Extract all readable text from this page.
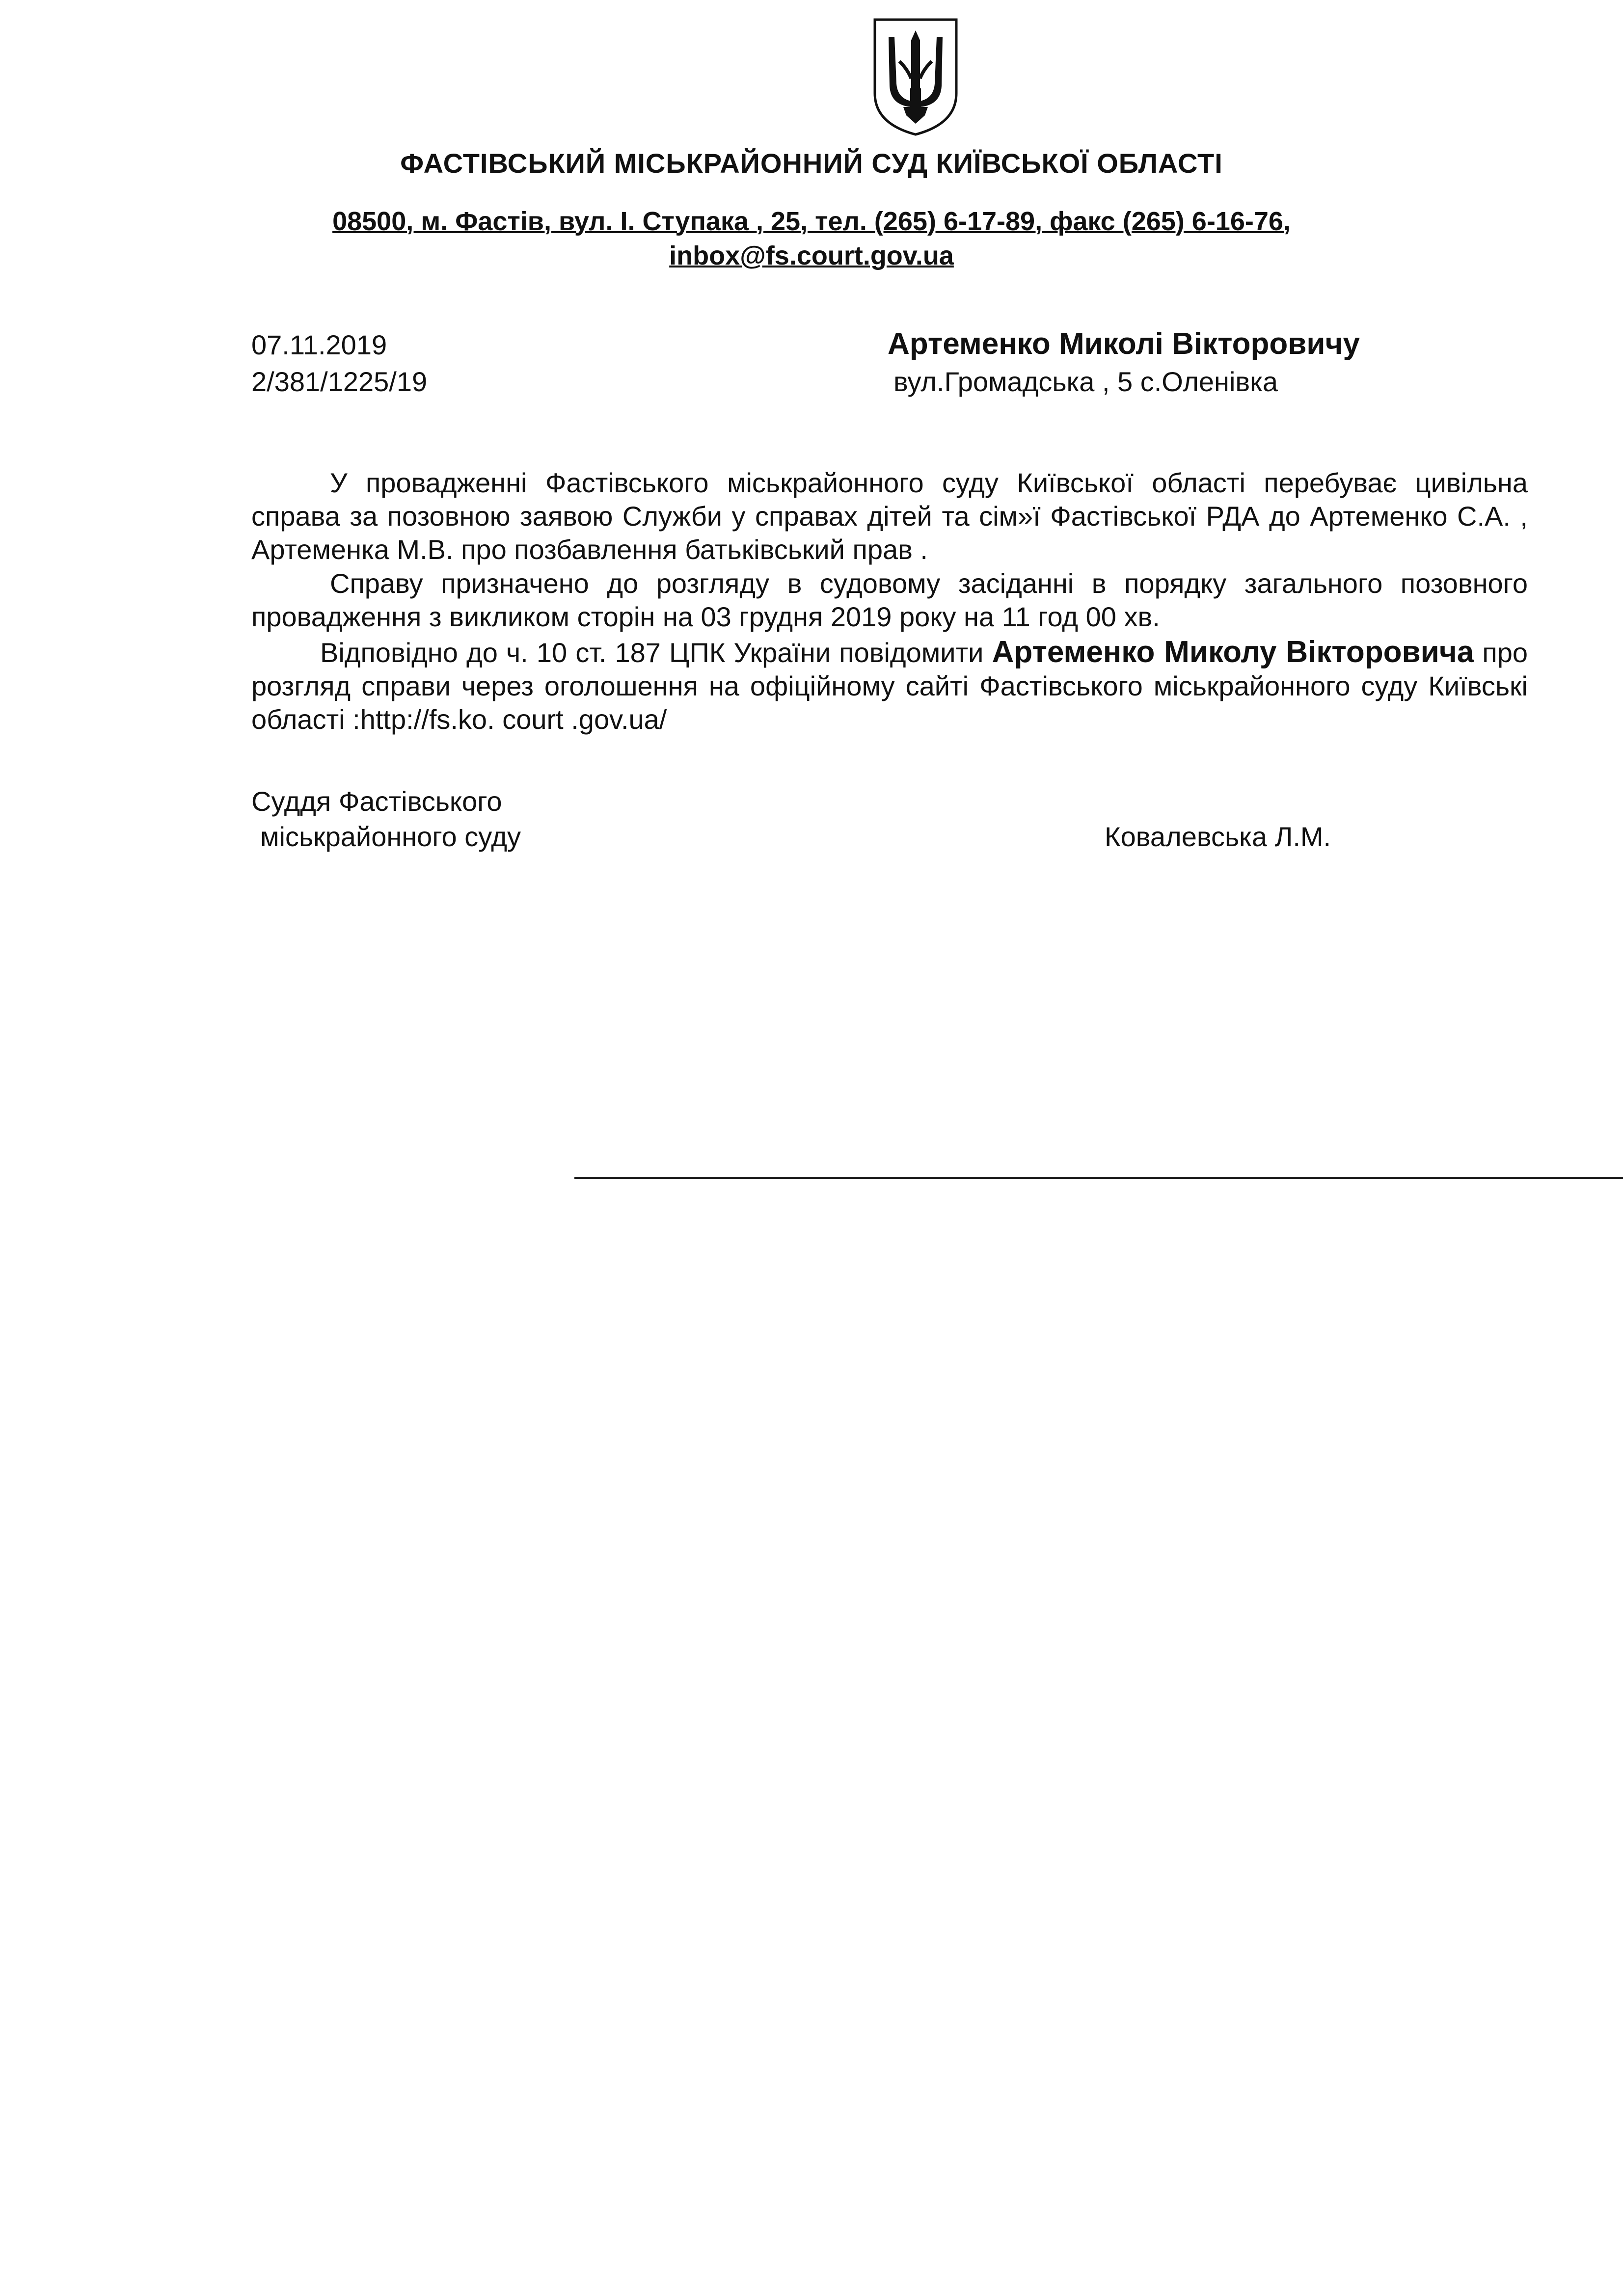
ФАСТІВСЬКИЙ МІСЬКРАЙОННИЙ СУД КИЇВСЬКОЇ ОБЛАСТІ
08500, м. Фастів, вул. І. Ступака , 25, тел. (265) 6-17-89, факс (265) 6-16-76,
inbox@fs.court.gov.ua
07.11.2019
2/381/1225/19
Артеменко Миколі Вікторовичу
вул.Громадська , 5 с.Оленівка
У провадженні Фастівського міськрайонного суду Київської області перебуває цивільна справа за позовною заявою Служби у справах дітей та сім»ї Фастівської РДА до Артеменко С.А. , Артеменка М.В. про позбавлення батьківський прав .
Справу призначено до розгляду в судовому засіданні в порядку загального позовного провадження з викликом сторін на 03 грудня 2019 року на 11 год 00 хв.
Відповідно до ч. 10 ст. 187 ЦПК України повідомити Артеменко Миколу Вікторовича про розгляд справи через оголошення на офіційному сайті Фастівського міськрайонного суду Київські області :http://fs.ko. court .gov.ua/
Суддя Фастівського
міськрайонного суду	Ковалевська Л.М.
